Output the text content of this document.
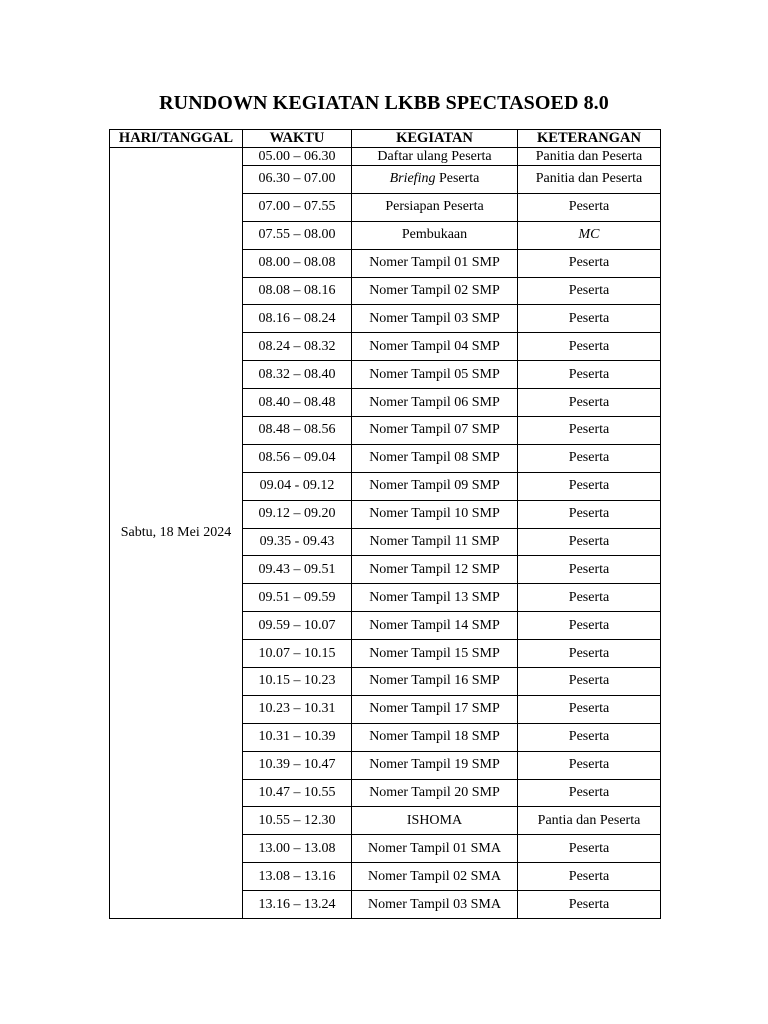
RUNDOWN KEGIATAN LKBB SPECTASOED 8.0
HARI/TANGGAL	WAKTU	KEGIATAN	KETERANGAN
Sabtu, 18 Mei 2024	05.00 – 06.30	Daftar ulang Peserta	Panitia dan Peserta
	06.30 – 07.00	Briefing Peserta	Panitia dan Peserta
	07.00 – 07.55	Persiapan Peserta	Peserta
	07.55 – 08.00	Pembukaan	MC
	08.00 – 08.08	Nomer Tampil 01 SMP	Peserta
	08.08 – 08.16	Nomer Tampil 02 SMP	Peserta
	08.16 – 08.24	Nomer Tampil 03 SMP	Peserta
	08.24 – 08.32	Nomer Tampil 04 SMP	Peserta
	08.32 – 08.40	Nomer Tampil 05 SMP	Peserta
	08.40 – 08.48	Nomer Tampil 06 SMP	Peserta
	08.48 – 08.56	Nomer Tampil 07 SMP	Peserta
	08.56 – 09.04	Nomer Tampil 08 SMP	Peserta
	09.04 - 09.12	Nomer Tampil 09 SMP	Peserta
	09.12 – 09.20	Nomer Tampil 10 SMP	Peserta
	09.35 - 09.43	Nomer Tampil 11 SMP	Peserta
	09.43 – 09.51	Nomer Tampil 12 SMP	Peserta
	09.51 – 09.59	Nomer Tampil 13 SMP	Peserta
	09.59 – 10.07	Nomer Tampil 14 SMP	Peserta
	10.07 – 10.15	Nomer Tampil 15 SMP	Peserta
	10.15 – 10.23	Nomer Tampil 16 SMP	Peserta
	10.23 – 10.31	Nomer Tampil 17 SMP	Peserta
	10.31 – 10.39	Nomer Tampil 18 SMP	Peserta
	10.39 – 10.47	Nomer Tampil 19 SMP	Peserta
	10.47 – 10.55	Nomer Tampil 20 SMP	Peserta
	10.55 – 12.30	ISHOMA	Pantia dan Peserta
	13.00 – 13.08	Nomer Tampil 01 SMA	Peserta
	13.08 – 13.16	Nomer Tampil 02 SMA	Peserta
	13.16 – 13.24	Nomer Tampil 03 SMA	Peserta
